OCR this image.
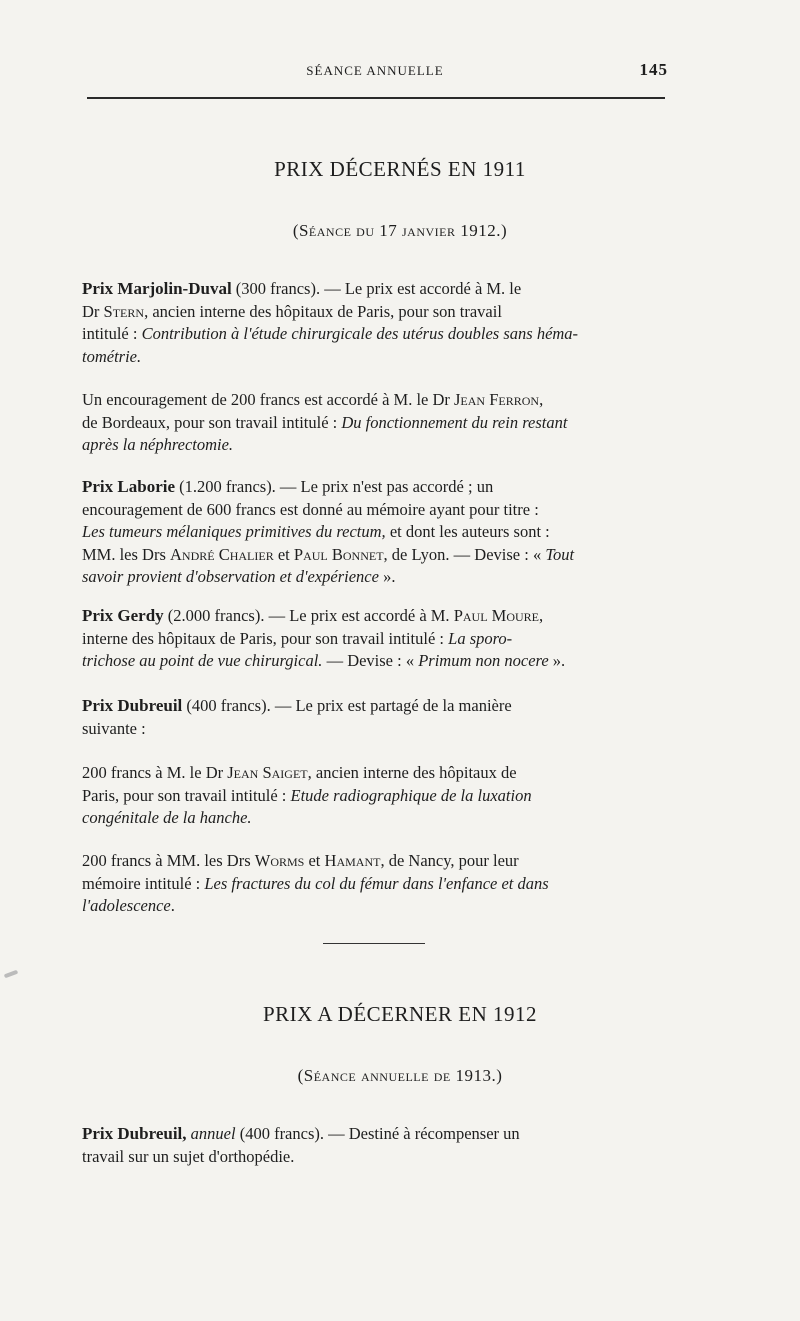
SÉANCE ANNUELLE	145
PRIX DÉCERNÉS EN 1911
(Séance du 17 janvier 1912.)
Prix Marjolin-Duval (300 francs). — Le prix est accordé à M. le
Dr Stern, ancien interne des hôpitaux de Paris, pour son travail
intitulé : Contribution à l'étude chirurgicale des utérus doubles sans héma-
tométrie.
Un encouragement de 200 francs est accordé à M. le Dr Jean Ferron,
de Bordeaux, pour son travail intitulé : Du fonctionnement du rein restant
après la néphrectomie.
Prix Laborie (1.200 francs). — Le prix n'est pas accordé ; un
encouragement de 600 francs est donné au mémoire ayant pour titre :
Les tumeurs mélaniques primitives du rectum, et dont les auteurs sont :
MM. les Drs André Chalier et Paul Bonnet, de Lyon. — Devise : « Tout
savoir provient d'observation et d'expérience ».
Prix Gerdy (2.000 francs). — Le prix est accordé à M. Paul Moure,
interne des hôpitaux de Paris, pour son travail intitulé : La sporo-
trichose au point de vue chirurgical. — Devise : « Primum non nocere ».
Prix Dubreuil (400 francs). — Le prix est partagé de la manière
suivante :
200 francs à M. le Dr Jean Saiget, ancien interne des hôpitaux de
Paris, pour son travail intitulé : Etude radiographique de la luxation
congénitale de la hanche.
200 francs à MM. les Drs Worms et Hamant, de Nancy, pour leur
mémoire intitulé : Les fractures du col du fémur dans l'enfance et dans
l'adolescence.
PRIX A DÉCERNER EN 1912
(Séance annuelle de 1913.)
Prix Dubreuil, annuel (400 francs). — Destiné à récompenser un
travail sur un sujet d'orthopédie.
